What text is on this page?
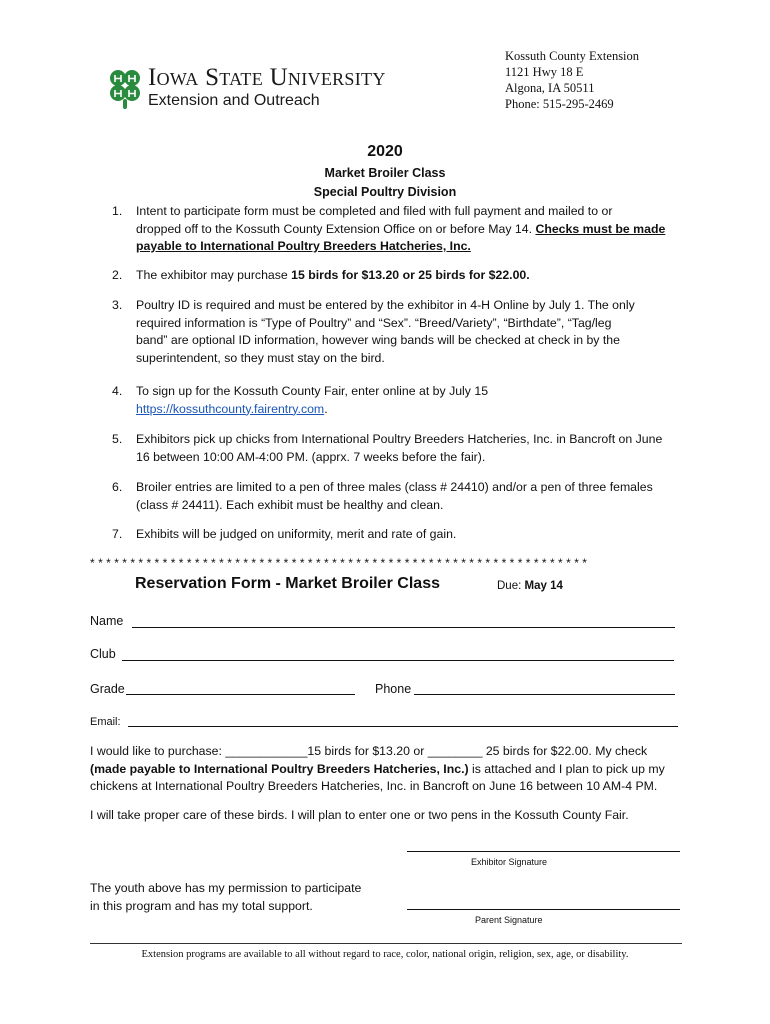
Iowa State University
Extension and Outreach
Kossuth County Extension
1121 Hwy 18 E
Algona, IA 50511
Phone: 515-295-2469
2020
Market Broiler Class
Special Poultry Division
1. Intent to participate form must be completed and filed with full payment and mailed to or
dropped off to the Kossuth County Extension Office on or before May 14. Checks must be made
payable to International Poultry Breeders Hatcheries, Inc.
2. The exhibitor may purchase 15 birds for $13.20 or 25 birds for $22.00.
3. Poultry ID is required and must be entered by the exhibitor in 4-H Online by July 1. The only
required information is “Type of Poultry” and “Sex”. “Breed/Variety”, “Birthdate”, “Tag/leg
band” are optional ID information, however wing bands will be checked at check in by the
superintendent, so they must stay on the bird.
4. To sign up for the Kossuth County Fair, enter online at by July 15
https://kossuthcounty.fairentry.com.
5. Exhibitors pick up chicks from International Poultry Breeders Hatcheries, Inc. in Bancroft on June
16 between 10:00 AM-4:00 PM. (apprx. 7 weeks before the fair).
6. Broiler entries are limited to a pen of three males (class # 24410) and/or a pen of three females
(class # 24411). Each exhibit must be healthy and clean.
7. Exhibits will be judged on uniformity, merit and rate of gain.
**************************************************************
Reservation Form - Market Broiler Class	Due: May 14
Name
Club
Grade	Phone
Email:
I would like to purchase: ____________15 birds for $13.20 or ________ 25 birds for $22.00. My check
(made payable to International Poultry Breeders Hatcheries, Inc.) is attached and I plan to pick up my
chickens at International Poultry Breeders Hatcheries, Inc. in Bancroft on June 16 between 10 AM-4 PM.
I will take proper care of these birds. I will plan to enter one or two pens in the Kossuth County Fair.
Exhibitor Signature
The youth above has my permission to participate
in this program and has my total support.
Parent Signature
Extension programs are available to all without regard to race, color, national origin, religion, sex, age, or disability.
